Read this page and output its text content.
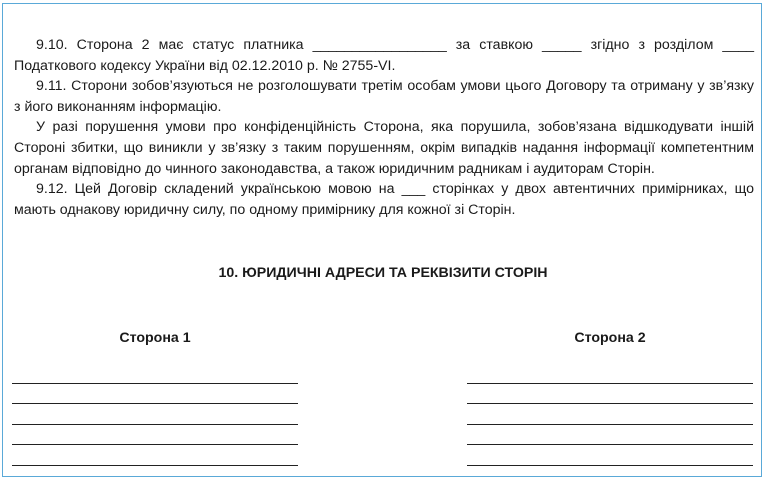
9.10. Сторона 2 має статус платника _________________ за ставкою _____ згідно з розділом ____ Податкового кодексу України від 02.12.2010 р. № 2755-VI.

9.11. Сторони зобов’язуються не розголошувати третім особам умови цього Договору та отриману у зв’язку з його виконанням інформацію.

У разі порушення умови про конфіденційність Сторона, яка порушила, зобов’язана відшкодувати іншій Стороні збитки, що виникли у зв’язку з таким порушенням, окрім випадків надання інформації компетентним органам відповідно до чинного законодавства, а також юридичним радникам і аудиторам Сторін.

9.12. Цей Договір складений українською мовою на ___ сторінках у двох автентичних примірниках, що мають однакову юридичну силу, по одному примірнику для кожної зі Сторін.

10. ЮРИДИЧНІ АДРЕСИ ТА РЕКВІЗИТИ СТОРІН
Сторона 1	Сторона 2
